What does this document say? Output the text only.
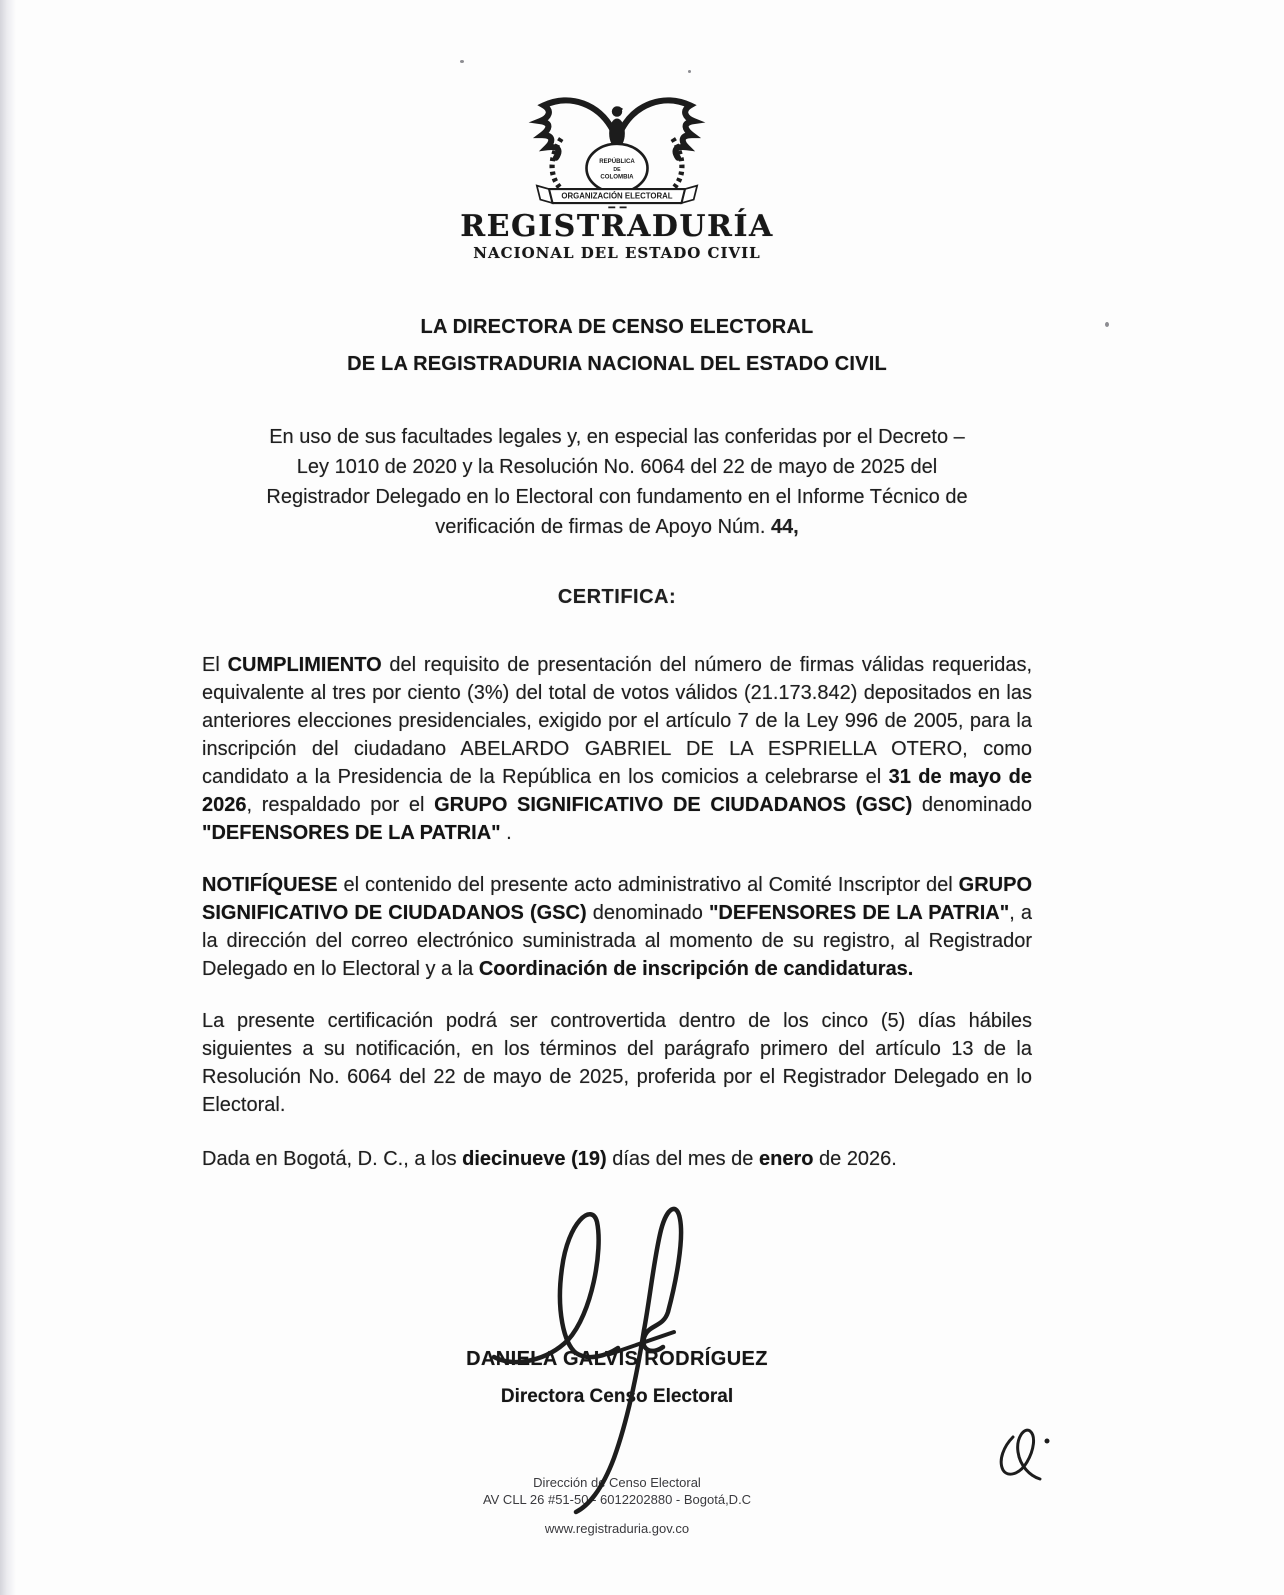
REPÚBLICA
DE
COLOMBIA
ORGANIZACIÓN ELECTORAL
REGISTRADURÍA
NACIONAL DEL ESTADO CIVIL
LA DIRECTORA DE CENSO ELECTORAL
DE LA REGISTRADURIA NACIONAL DEL ESTADO CIVIL
En uso de sus facultades legales y, en especial las conferidas por el Decreto –
Ley 1010 de 2020 y la Resolución No. 6064 del 22 de mayo de 2025 del
Registrador Delegado en lo Electoral con fundamento en el Informe Técnico de
verificación de firmas de Apoyo Núm. 44,
CERTIFICA:

El CUMPLIMIENTO del requisito de presentación del número de firmas válidas requeridas, equivalente al tres por ciento (3%) del total de votos válidos (21.173.842) depositados en las anteriores elecciones presidenciales, exigido por el artículo 7 de la Ley 996 de 2005, para la inscripción del ciudadano ABELARDO GABRIEL DE LA ESPRIELLA OTERO, como candidato a la Presidencia de la República en los comicios a celebrarse el 31 de mayo de 2026, respaldado por el GRUPO SIGNIFICATIVO DE CIUDADANOS (GSC) denominado "DEFENSORES DE LA PATRIA" .

NOTIFÍQUESE el contenido del presente acto administrativo al Comité Inscriptor del GRUPO SIGNIFICATIVO DE CIUDADANOS (GSC) denominado "DEFENSORES DE LA PATRIA", a la dirección del correo electrónico suministrada al momento de su registro, al Registrador Delegado en lo Electoral y a la Coordinación de inscripción de candidaturas.

La presente certificación podrá ser controvertida dentro de los cinco (5) días hábiles siguientes a su notificación, en los términos del parágrafo primero del artículo 13 de la Resolución No. 6064 del 22 de mayo de 2025, proferida por el Registrador Delegado en lo Electoral.

Dada en Bogotá, D. C., a los diecinueve (19) días del mes de enero de 2026.

DANIELA GALVIS RODRÍGUEZ
Directora Censo Electoral
Dirección de Censo Electoral
AV CLL 26 #51-50 - 6012202880 - Bogotá,D.C
www.registraduria.gov.co
